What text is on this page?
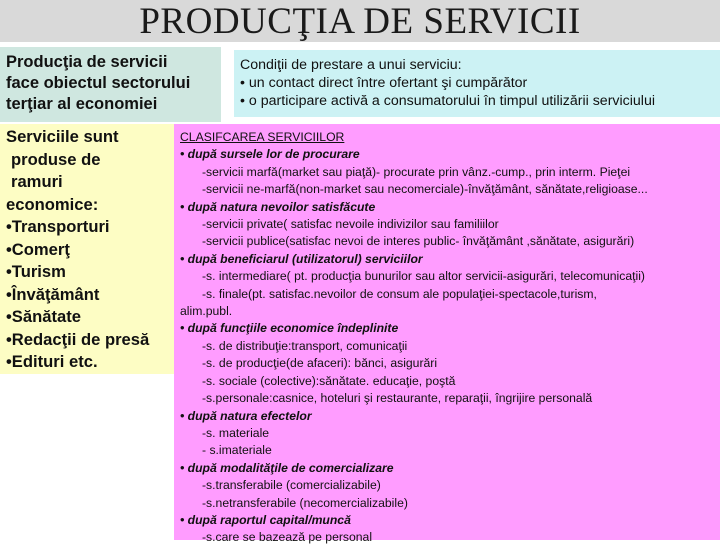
PRODUCŢIA DE SERVICII
Producţia de servicii
face obiectul sectorului
terţiar al economiei
Condiţii de prestare a unui serviciu:
• un contact direct între ofertant şi cumpărător
• o participare activă a consumatorului în timpul utilizării serviciului
Serviciile sunt
produse de
ramuri
economice:
•Transporturi
•Comerţ
•Turism
•Învăţământ
•Sănătate
•Redacţii de presă
•Edituri etc.
CLASIFCAREA SERVICIILOR
• după sursele lor de procurare
-servicii marfă(market sau piaţă)- procurate prin vânz.-cump., prin interm. Pieţei
-servicii ne-marfă(non-market sau necomerciale)-învăţământ, sănătate,religioase...
• după natura nevoilor satisfăcute
-servicii private( satisfac nevoile indivizilor sau familiilor
-servicii publice(satisfac nevoi de interes public- învăţământ ,sănătate, asigurări)
• după beneficiarul (utilizatorul) serviciilor
-s. intermediare( pt. producţia bunurilor sau altor servicii-asigurări, telecomunicaţii)
-s. finale(pt. satisfac.nevoilor de consum ale populaţiei-spectacole,turism,
alim.publ.
• după funcţiile economice îndeplinite
-s. de distribuţie:transport, comunicaţii
-s. de producţie(de afaceri): bănci, asigurări
-s. sociale (colective):sănătate. educaţie, poştă
-s.personale:casnice, hoteluri şi restaurante, reparaţii, îngrijire personală
• după natura efectelor
-s. materiale
- s.imateriale
• după modalităţile de comercializare
-s.transferabile (comercializabile)
-s.netransferabile (necomercializabile)
• după raportul capital/muncă
-s.care se bazează pe personal
